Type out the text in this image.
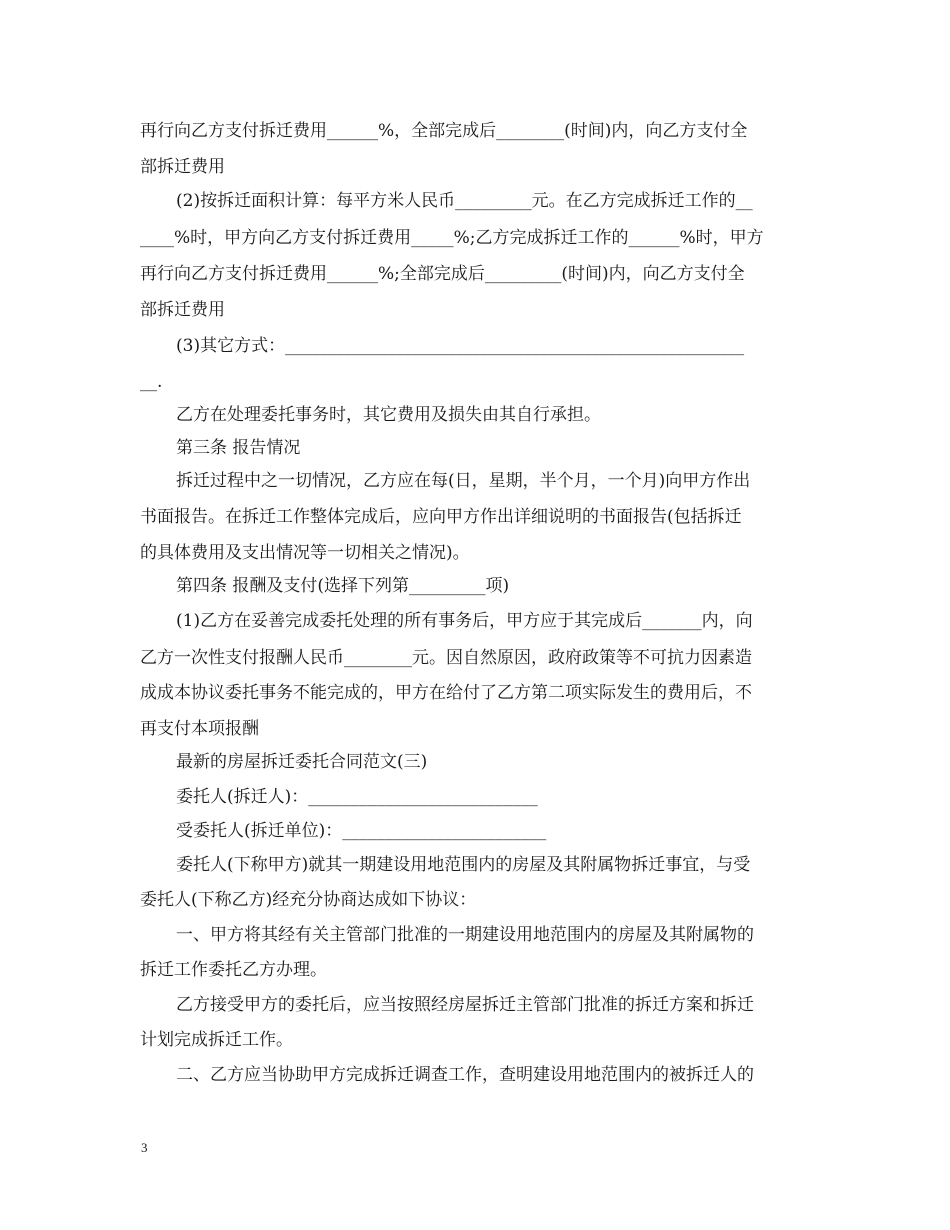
再行向乙方支付拆迁费用______%，全部完成后________(时间)内，向乙方支付全
部拆迁费用
(2)按拆迁面积计算：每平方米人民币_________元。在乙方完成拆迁工作的__
____%时，甲方向乙方支付拆迁费用_____%;乙方完成拆迁工作的______%时，甲方
再行向乙方支付拆迁费用______%;全部完成后_________(时间)内，向乙方支付全
部拆迁费用
(3)其它方式：______________________________________________________
__.
乙方在处理委托事务时，其它费用及损失由其自行承担。
第三条 报告情况
拆迁过程中之一切情况，乙方应在每(日，星期，半个月，一个月)向甲方作出
书面报告。在拆迁工作整体完成后，应向甲方作出详细说明的书面报告(包括拆迁
的具体费用及支出情况等一切相关之情况)。
第四条 报酬及支付(选择下列第_________项)
(1)乙方在妥善完成委托处理的所有事务后，甲方应于其完成后_______内，向
乙方一次性支付报酬人民币________元。因自然原因，政府政策等不可抗力因素造
成成本协议委托事务不能完成的，甲方在给付了乙方第二项实际发生的费用后，不
再支付本项报酬
最新的房屋拆迁委托合同范文(三)
委托人(拆迁人)：___________________________
受委托人(拆迁单位)：________________________
委托人(下称甲方)就其一期建设用地范围内的房屋及其附属物拆迁事宜，与受
委托人(下称乙方)经充分协商达成如下协议：
一、甲方将其经有关主管部门批准的一期建设用地范围内的房屋及其附属物的
拆迁工作委托乙方办理。
乙方接受甲方的委托后，应当按照经房屋拆迁主管部门批准的拆迁方案和拆迁
计划完成拆迁工作。
二、乙方应当协助甲方完成拆迁调查工作，查明建设用地范围内的被拆迁人的
3
